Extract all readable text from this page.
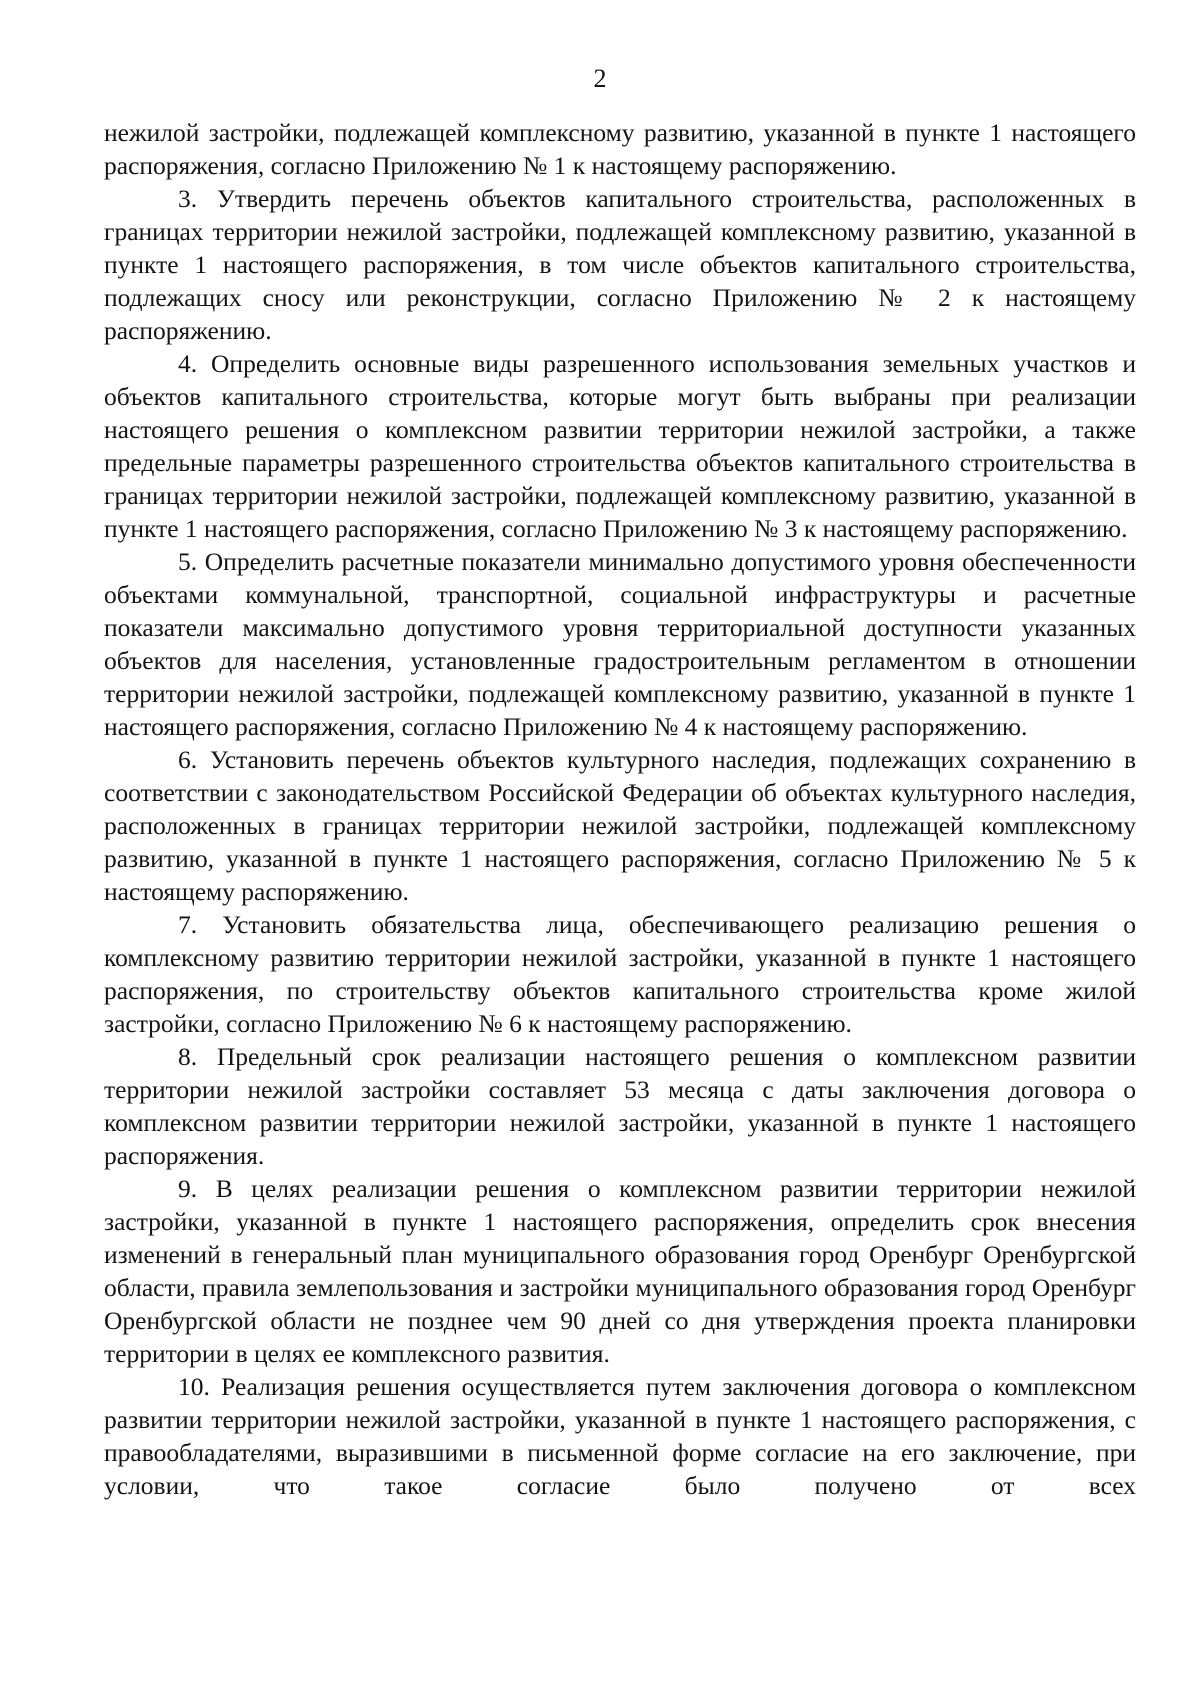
2

нежилой застройки, подлежащей комплексному развитию, указанной в пункте 1 настоящего распоряжения, согласно Приложению № 1 к настоящему распоряжению.

3. Утвердить перечень объектов капитального строительства, расположенных в границах территории нежилой застройки, подлежащей комплексному развитию, указанной в пункте 1 настоящего распоряжения, в том числе объектов капитального строительства, подлежащих сносу или реконструкции, согласно Приложению № 2 к настоящему распоряжению.

4. Определить основные виды разрешенного использования земельных участков и объектов капитального строительства, которые могут быть выбраны при реализации настоящего решения о комплексном развитии территории нежилой застройки, а также предельные параметры разрешенного строительства объектов капитального строительства в границах территории нежилой застройки, подлежащей комплексному развитию, указанной в пункте 1 настоящего распоряжения, согласно Приложению № 3 к настоящему распоряжению.

5. Определить расчетные показатели минимально допустимого уровня обеспеченности объектами коммунальной, транспортной, социальной инфраструктуры и расчетные показатели максимально допустимого уровня территориальной доступности указанных объектов для населения, установленные градостроительным регламентом в отношении территории нежилой застройки, подлежащей комплексному развитию, указанной в пункте 1 настоящего распоряжения, согласно Приложению № 4 к настоящему распоряжению.

6. Установить перечень объектов культурного наследия, подлежащих сохранению в соответствии с законодательством Российской Федерации об объектах культурного наследия, расположенных в границах территории нежилой застройки, подлежащей комплексному развитию, указанной в пункте 1 настоящего распоряжения, согласно Приложению № 5 к настоящему распоряжению.

7. Установить обязательства лица, обеспечивающего реализацию решения о комплексному развитию территории нежилой застройки, указанной в пункте 1 настоящего распоряжения, по строительству объектов капитального строительства кроме жилой застройки, согласно Приложению № 6 к настоящему распоряжению.

8. Предельный срок реализации настоящего решения о комплексном развитии территории нежилой застройки составляет 53 месяца с даты заключения договора о комплексном развитии территории нежилой застройки, указанной в пункте 1 настоящего распоряжения.

9. В целях реализации решения о комплексном развитии территории нежилой застройки, указанной в пункте 1 настоящего распоряжения, определить срок внесения изменений в генеральный план муниципального образования город Оренбург Оренбургской области, правила землепользования и застройки муниципального образования город Оренбург Оренбургской области не позднее чем 90 дней со дня утверждения проекта планировки территории в целях ее комплексного развития.

10. Реализация решения осуществляется путем заключения договора о комплексном развитии территории нежилой застройки, указанной в пункте 1 настоящего распоряжения, с правообладателями, выразившими в письменной форме согласие на его заключение, при условии, что такое согласие было получено от всех
